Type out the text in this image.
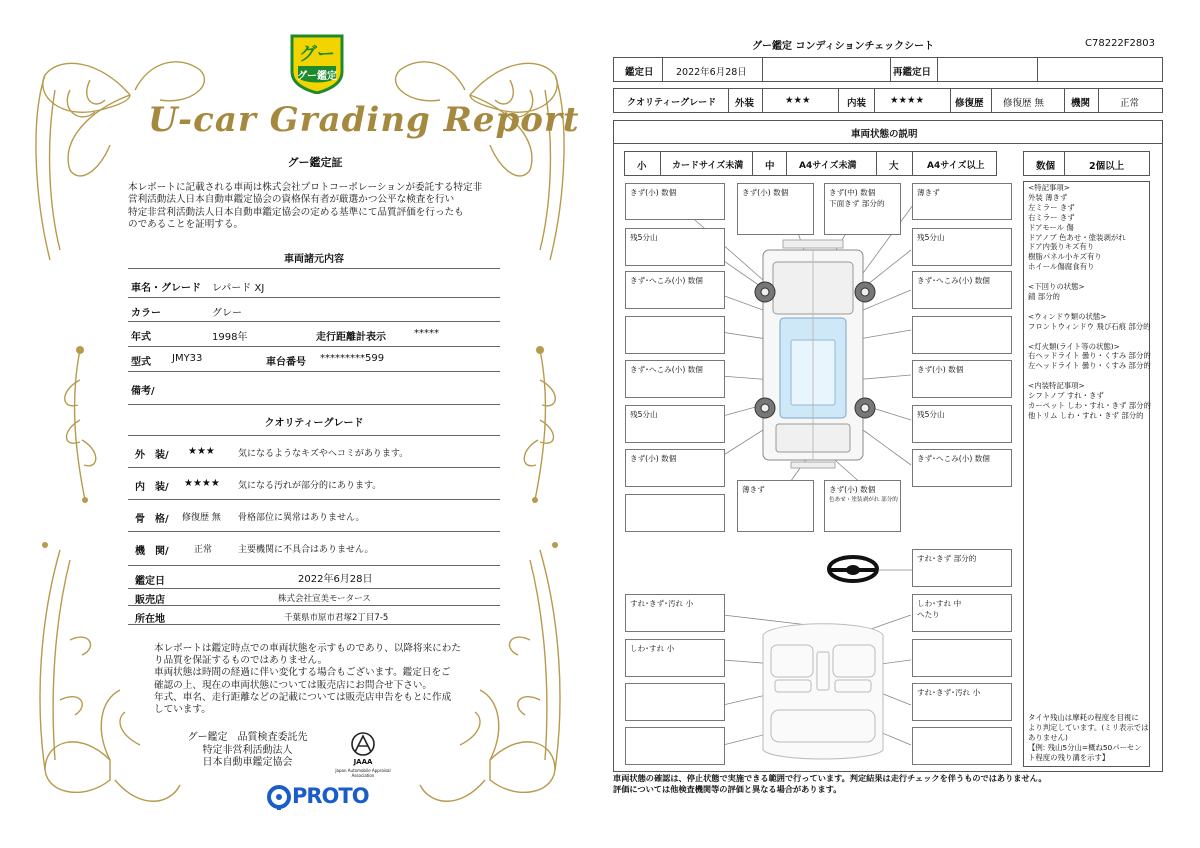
グー
グー鑑定
U-car Grading Report
グー鑑定証
本レポートに記載される車両は株式会社プロトコーポレーションが委託する特定非
営利活動法人日本自動車鑑定協会の資格保有者が厳選かつ公平な検査を行い
特定非営利活動法人日本自動車鑑定協会の定める基準にて品質評価を行ったも
のであることを証明する。
車両諸元内容
車名・グレード レパード XJ
カラー	グレー
年式	1998年	走行距離計表示	*****
型式 JMY33	車台番号 *********599
備考/
クオリティーグレード
外　装/ ★★★	気になるようなキズやヘコミがあります。
内　装/ ★★★★ 気になる汚れが部分的にあります。
骨　格/ 修復歴 無 骨格部位に異常はありません。
機　関/	正常	主要機関に不具合はありません。
鑑定日	2022年6月28日
販売店	株式会社宣美モータース
所在地	千葉県市原市君塚2丁目7-5
本レポートは鑑定時点での車両状態を示すものであり、以降将来にわた
り品質を保証するものではありません。
車両状態は時間の経過に伴い変化する場合もございます。鑑定日をご
確認の上、現在の車両状態については販売店にお問合せ下さい。
年式、車名、走行距離などの記載については販売店申告をもとに作成
しています。
グー鑑定　品質検査委託先
特定非営利活動法人
日本自動車鑑定協会	JAAA
Japan Automobile Appraisal Association
PROTO
グー鑑定 コンディションチェックシート	C78222F2803
鑑定日 2022年6月28日	再鑑定日
クオリティーグレード 外装	★★★	内装	★★★★	修復歴 修復歴 無	機関	正常
車両状態の説明
小	カードサイズ未満 中	A4サイズ未満	大	A4サイズ以上	数個	2個以上
<特記事項>
外装 薄きず
左ミラー きず
右ミラー きず
ドアモール 傷
ドアノブ 色あせ・塗装剥がれ
ドア内張りキズ有り
樹脂パネル小キズ有り
ホイール傷腐食有り

<下回りの状態>
錆 部分的

<ウィンドウ類の状態>
フロントウィンドウ 飛び石痕 部分的

<灯火類(ライト等の状態)>
右ヘッドライト 曇り・くすみ 部分的
左ヘッドライト 曇り・くすみ 部分的

<内装特記事項>
シフトノブ すれ・きず
カーペット しわ・すれ・きず 部分的
他トリム しわ・すれ・きず 部分的
タイヤ残山は摩耗の程度を目視に
より判定しています。(ミリ表示では
ありません)
【例: 残山5分山=概ね50パーセン
ト程度の残り溝を示す】
きず(小) 数個	きず(小) 数個	きず(中) 数個
下面きず 部分的
薄きず
残5分山	残5分山
きず･へこみ(小) 数個	きず･へこみ(小) 数個
きず･へこみ(小) 数個	きず(小) 数個
残5分山	残5分山
きず(小) 数個	きず･へこみ(小) 数個
薄きず	きず(小) 数個
色あせ・塗装剥がれ 部分的
すれ･きず 部分的
すれ･きず･汚れ 小	しわ･すれ 中
へたり
しわ･すれ 小
すれ･きず･汚れ 小
車両状態の確認は、停止状態で実施できる範囲で行っています。判定結果は走行チェックを伴うものではありません。
評価については他検査機関等の評価と異なる場合があります。
